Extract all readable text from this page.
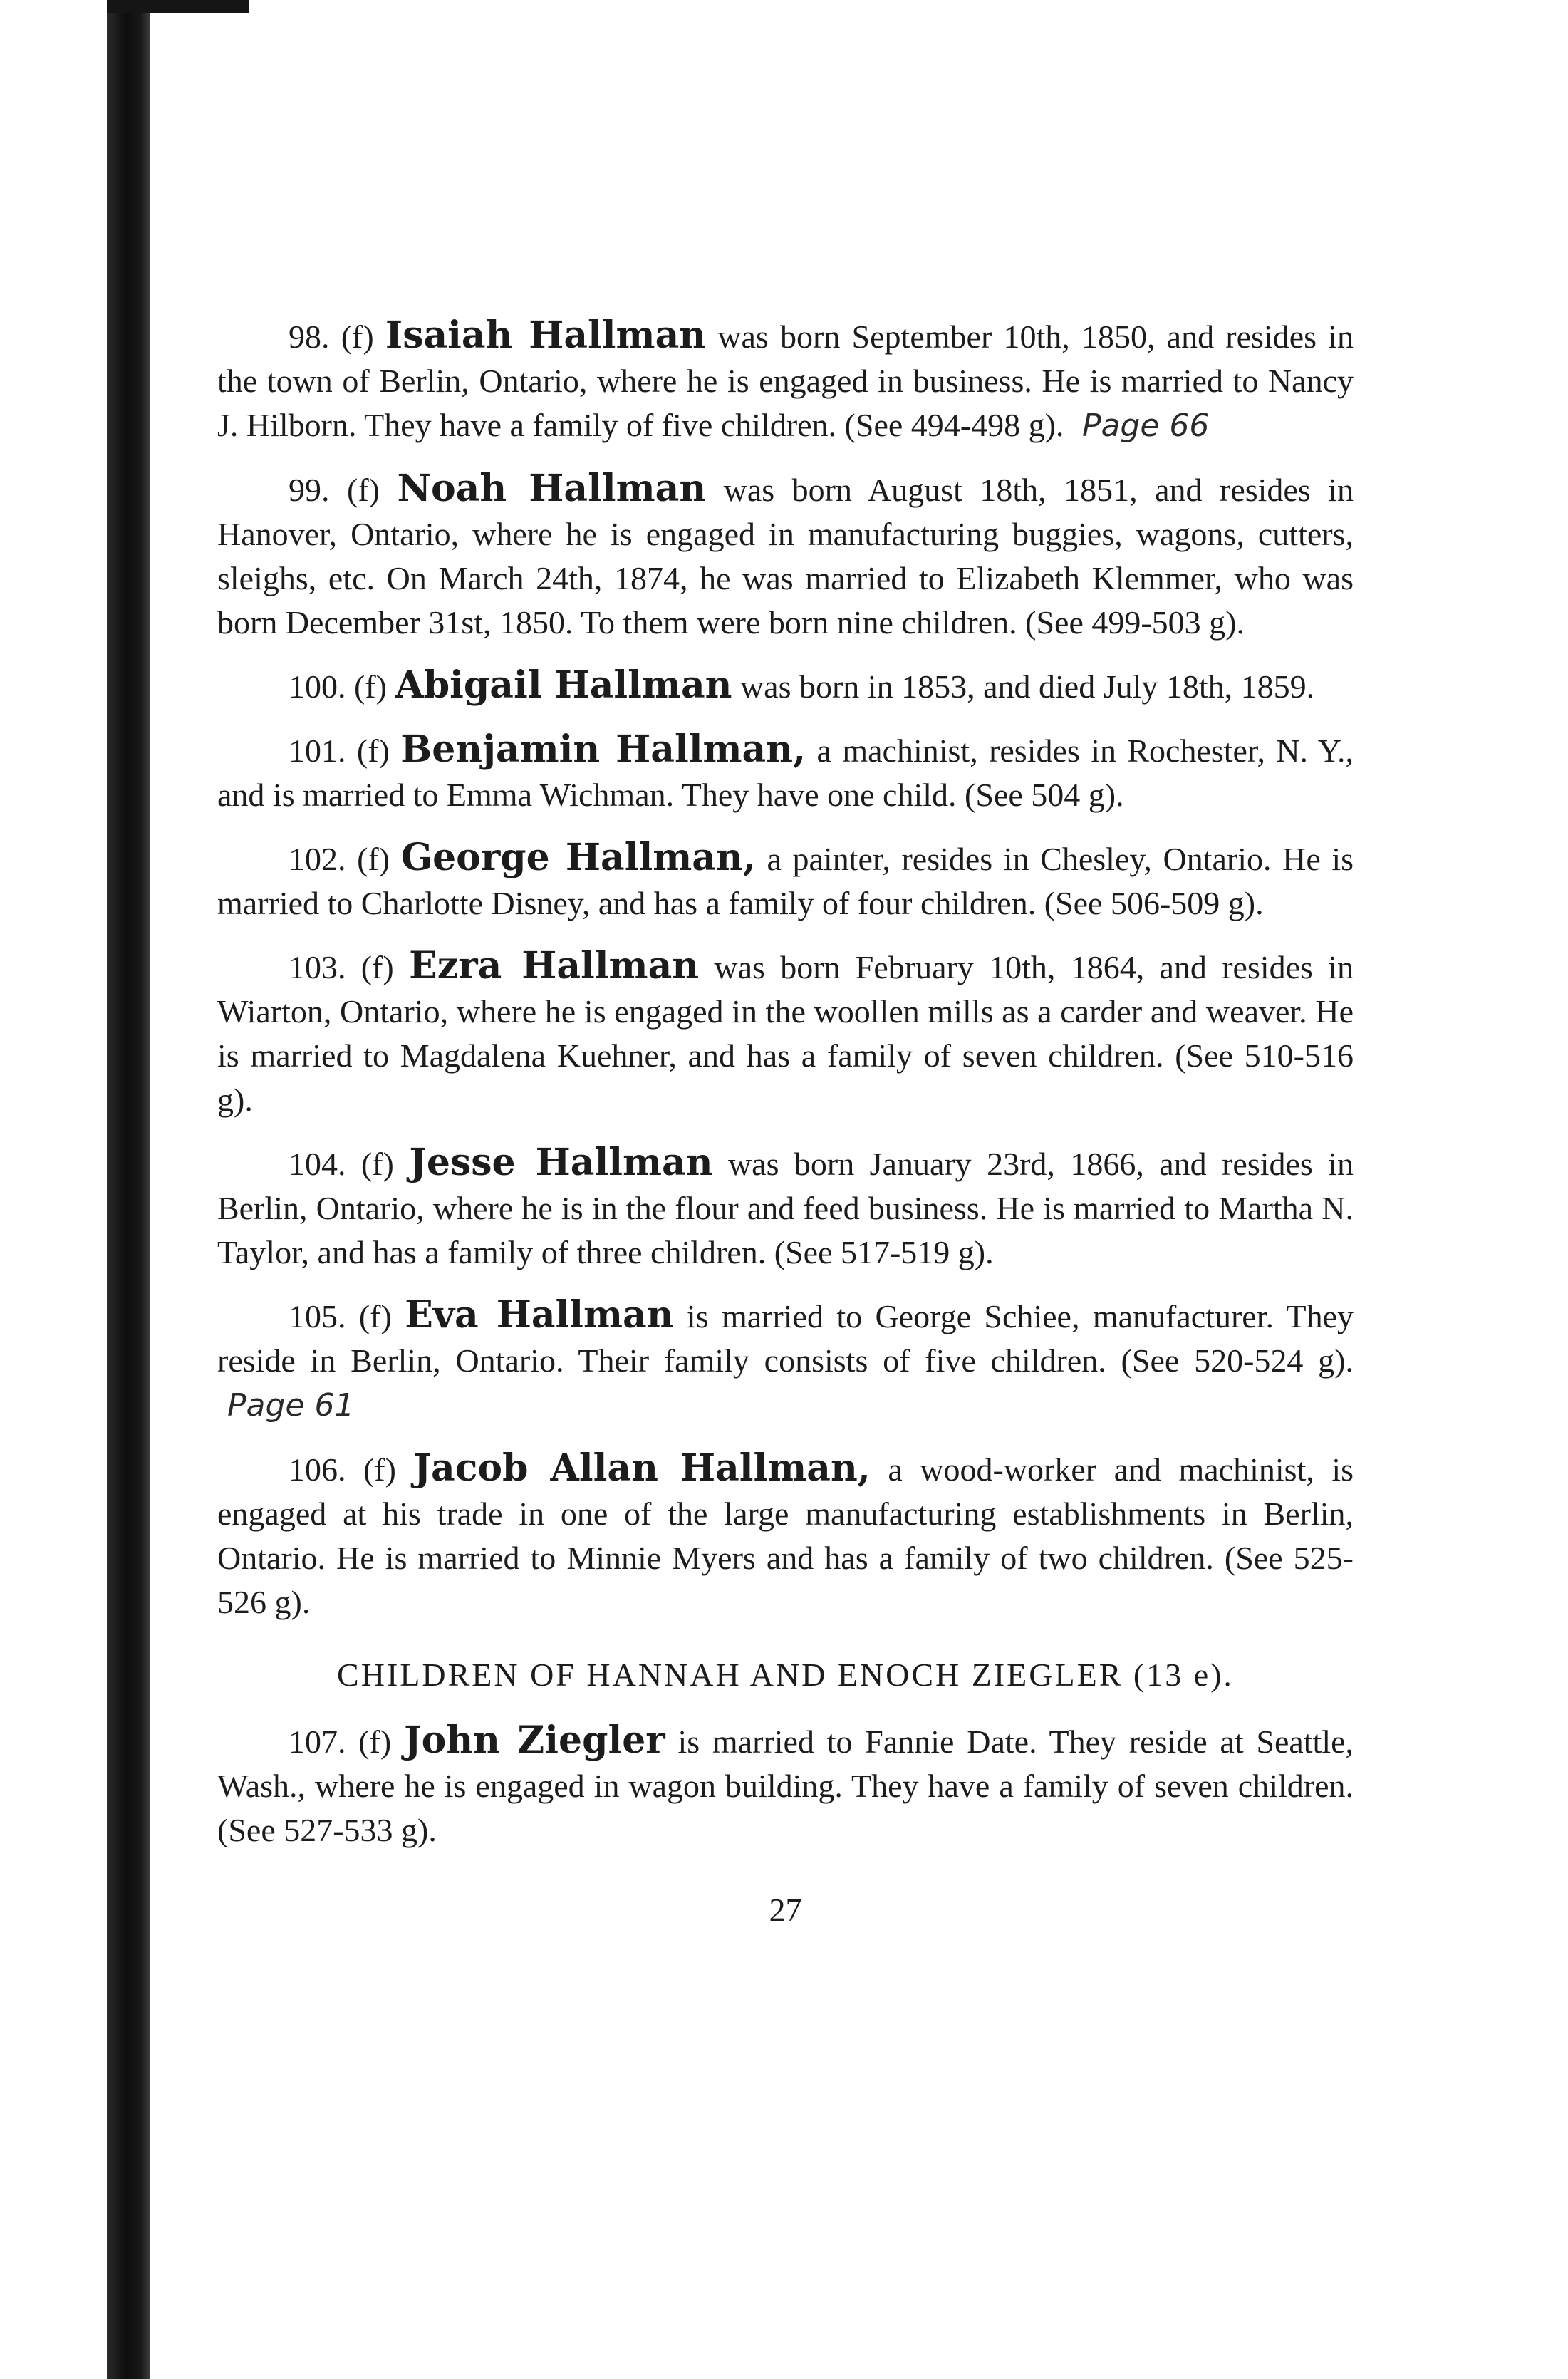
98. (f) Isaiah Hallman was born September 10th, 1850, and resides in the town of Berlin, Ontario, where he is engaged in business. He is married to Nancy J. Hilborn. They have a family of five children. (See 494-498 g). Page 66
99. (f) Noah Hallman was born August 18th, 1851, and resides in Hanover, Ontario, where he is engaged in manufacturing buggies, wagons, cutters, sleighs, etc. On March 24th, 1874, he was married to Elizabeth Klemmer, who was born December 31st, 1850. To them were born nine children. (See 499-503 g).
100. (f) Abigail Hallman was born in 1853, and died July 18th, 1859.
101. (f) Benjamin Hallman, a machinist, resides in Rochester, N. Y., and is married to Emma Wichman. They have one child. (See 504 g).
102. (f) George Hallman, a painter, resides in Chesley, Ontario. He is married to Charlotte Disney, and has a family of four children. (See 506-509 g).
103. (f) Ezra Hallman was born February 10th, 1864, and resides in Wiarton, Ontario, where he is engaged in the woollen mills as a carder and weaver. He is married to Magdalena Kuehner, and has a family of seven children. (See 510-516 g).
104. (f) Jesse Hallman was born January 23rd, 1866, and resides in Berlin, Ontario, where he is in the flour and feed business. He is married to Martha N. Taylor, and has a family of three children. (See 517-519 g).
105. (f) Eva Hallman is married to George Schiee, manufacturer. They reside in Berlin, Ontario. Their family consists of five children. (See 520-524 g). Page 61
106. (f) Jacob Allan Hallman, a wood-worker and machinist, is engaged at his trade in one of the large manufacturing establishments in Berlin, Ontario. He is married to Minnie Myers and has a family of two children. (See 525-526 g).
CHILDREN OF HANNAH AND ENOCH ZIEGLER (13 e).
107. (f) John Ziegler is married to Fannie Date. They reside at Seattle, Wash., where he is engaged in wagon building. They have a family of seven children. (See 527-533 g).
27
